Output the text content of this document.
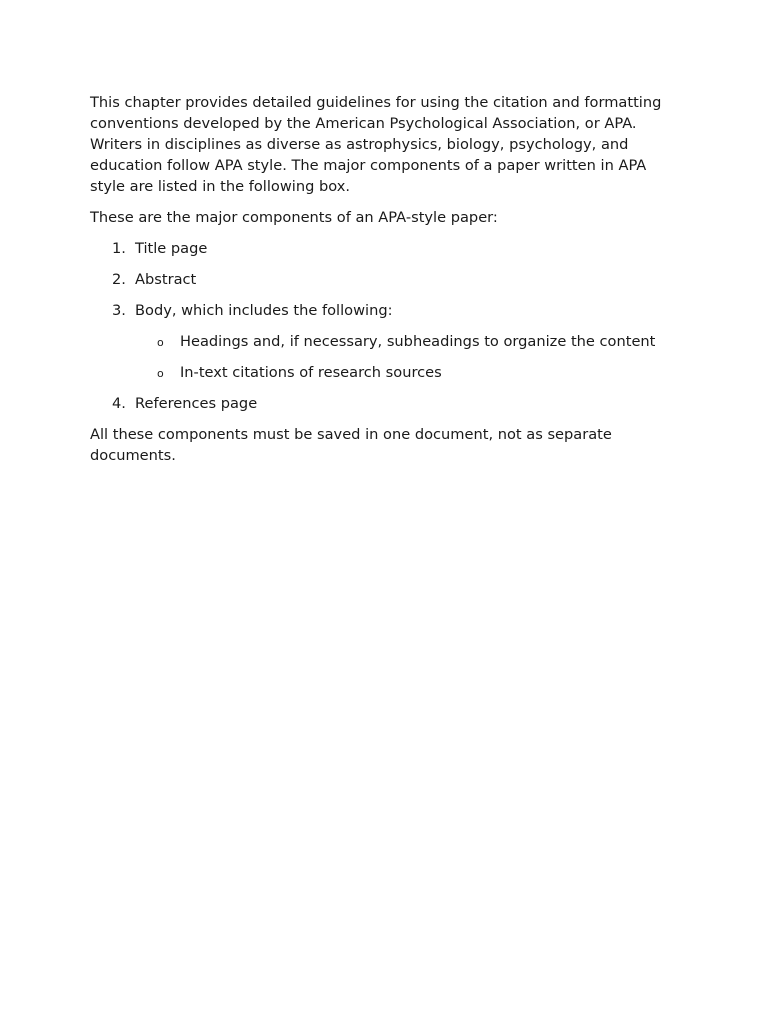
This chapter provides detailed guidelines for using the citation and formatting conventions developed by the American Psychological Association, or APA. Writers in disciplines as diverse as astrophysics, biology, psychology, and education follow APA style. The major components of a paper written in APA style are listed in the following box.

These are the major components of an APA-style paper:

1. Title page
2. Abstract
3. Body, which includes the following:
o Headings and, if necessary, subheadings to organize the content
o In-text citations of research sources
4. References page

All these components must be saved in one document, not as separate documents.
